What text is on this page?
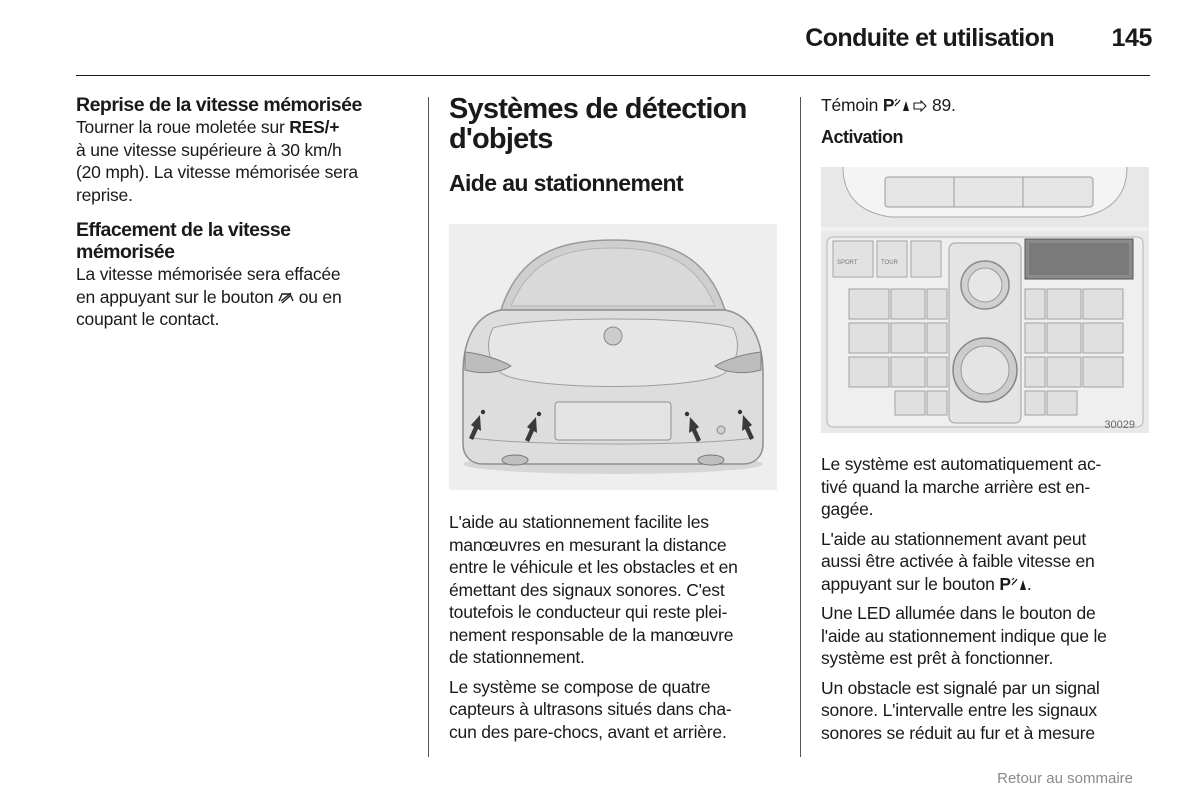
Conduite et utilisation 145
Reprise de la vitesse mémorisée
Tourner la roue moletée sur RES/+
à une vitesse supérieure à 30 km/h
(20 mph). La vitesse mémorisée sera
reprise.
Effacement de la vitesse
mémorisée
La vitesse mémorisée sera effacée
en appuyant sur le bouton  ou en
coupant le contact.
Systèmes de détection
d'objets
Aide au stationnement
L'aide au stationnement facilite les
manœuvres en mesurant la distance
entre le véhicule et les obstacles et en
émettant des signaux sonores. C'est
toutefois le conducteur qui reste plei-
nement responsable de la manœuvre
de stationnement.
Le système se compose de quatre
capteurs à ultrasons situés dans cha-
cun des pare-chocs, avant et arrière.
Témoin P 89.
Activation
SPORT	TOUR
30029
Le système est automatiquement ac-
tivé quand la marche arrière est en-
gagée.
L'aide au stationnement avant peut
aussi être activée à faible vitesse en
appuyant sur le bouton P .
Une LED allumée dans le bouton de
l'aide au stationnement indique que le
système est prêt à fonctionner.
Un obstacle est signalé par un signal
sonore. L'intervalle entre les signaux
sonores se réduit au fur et à mesure
Retour au sommaire
